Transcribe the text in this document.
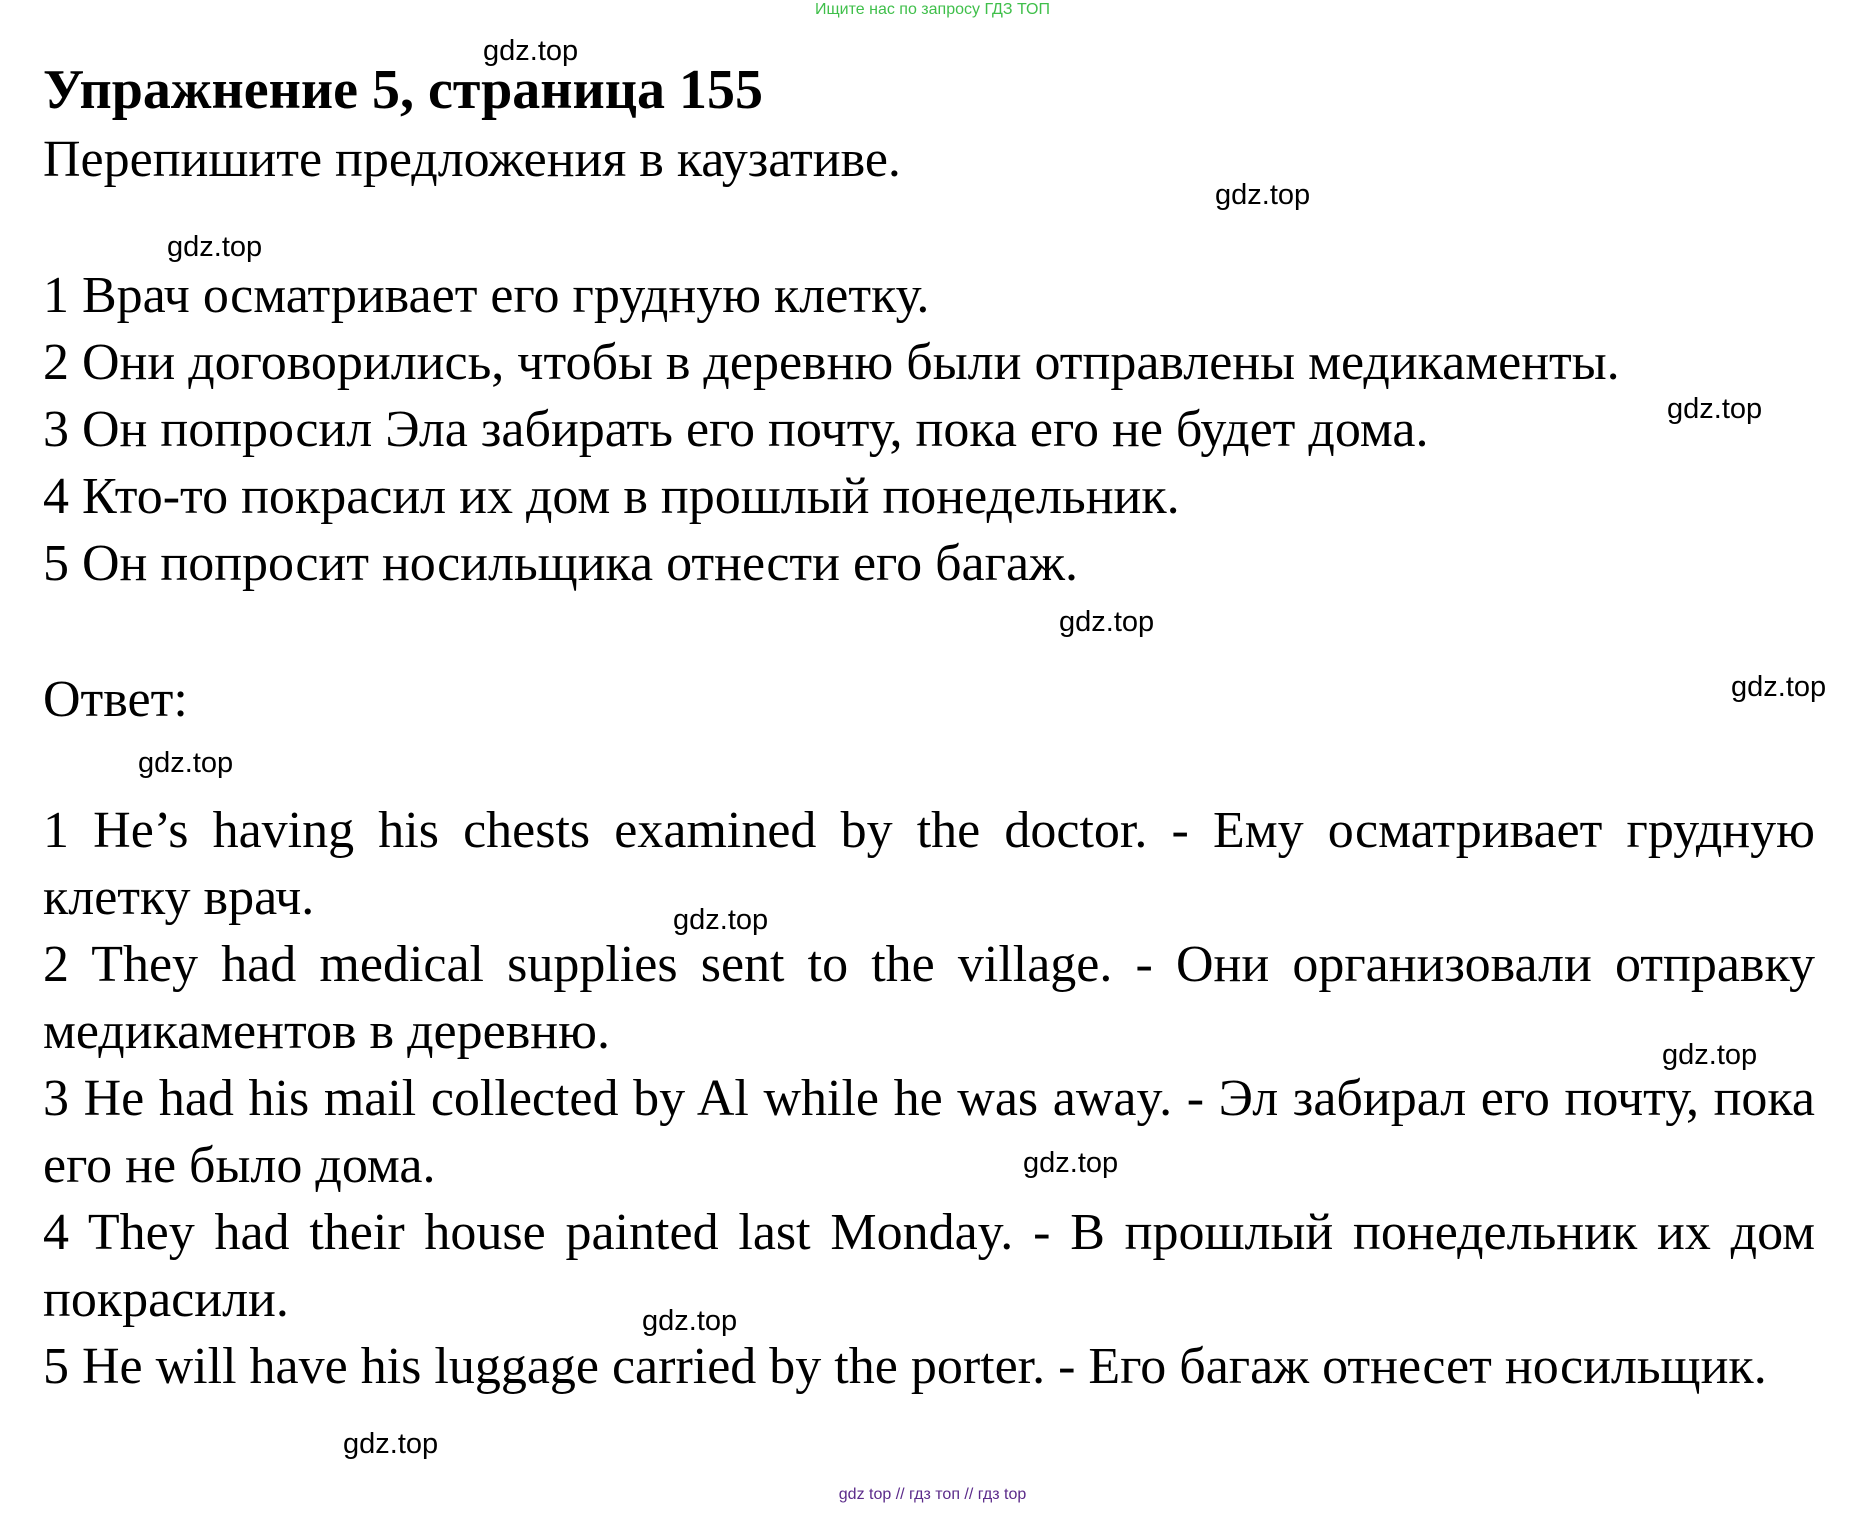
Ищите нас по запросу ГДЗ ТОП
Упражнение 5, страница 155
Перепишите предложения в каузативе.
1 Врач осматривает его грудную клетку.
2 Они договорились, чтобы в деревню были отправлены медикаменты.
3 Он попросил Эла забирать его почту, пока его не будет дома.
4 Кто-то покрасил их дом в прошлый понедельник.
5 Он попросит носильщика отнести его багаж.
Ответ:
1 He’s having his chests examined by the doctor. - Ему осматривает грудную клетку врач.
2 They had medical supplies sent to the village. - Они организовали отправку медикаментов в деревню.
3 He had his mail collected by Al while he was away. - Эл забирал его почту, пока его не было дома.
4 They had their house painted last Monday. - В прошлый понедельник их дом покрасили.
5 He will have his luggage carried by the porter. - Его багаж отнесет носильщик.
gdz.top
gdz.top
gdz.top
gdz.top
gdz.top
gdz.top
gdz.top
gdz.top
gdz.top
gdz.top
gdz.top
gdz.top
gdz top // гдз топ // гдз top
